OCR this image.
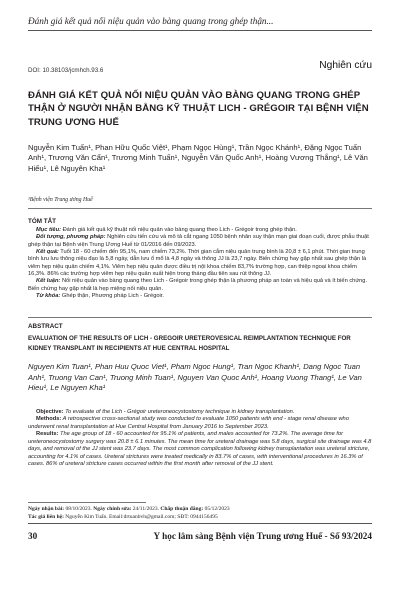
Đánh giá kết quả nối niệu quản vào bàng quang trong ghép thận...
DOI: 10.38103/jcmhch.93.6	Nghiên cứu
ĐÁNH GIÁ KẾT QUẢ NỐI NIỆU QUẢN VÀO BÀNG QUANG TRONG GHÉP THẬN Ở NGƯỜI NHẬN BẰNG KỸ THUẬT LICH - GRÉGOIR TẠI BỆNH VIỆN TRUNG ƯƠNG HUẾ

Nguyễn Kim Tuấn¹, Phan Hữu Quốc Việt¹, Phạm Ngọc Hùng¹, Trần Ngọc Khánh¹, Đặng Ngọc Tuấn Anh¹, Trương Văn Cẩn¹, Trương Minh Tuấn¹, Nguyễn Văn Quốc Anh¹, Hoàng Vương Thắng¹, Lê Văn Hiếu¹, Lê Nguyên Kha¹

¹Bệnh viện Trung ương Huế
TÓM TẮT

Mục tiêu: Đánh giá kết quả kỹ thuật nối niệu quản vào bàng quang theo Lich - Grégoir trong ghép thận.

Đối tượng, phương pháp: Nghiên cứu tiến cứu và mô tả cắt ngang 1050 bệnh nhân suy thận mạn giai đoạn cuối, được phẫu thuật ghép thận tại Bệnh viện Trung Ương Huế từ 01/2016 đến 09/2023.

Kết quả: Tuổi 18 - 60 chiếm đến 95,1%, nam chiếm 73,2%. Thời gian cắm niệu quản trung bình là 20,8 ± 6,1 phút. Thời gian trung bình lưu lưu thông niệu đạo là 5,8 ngày, dẫn lưu ổ mổ là 4,8 ngày và thông JJ là 23,7 ngày. Biến chứng hay gặp nhất sau ghép thận là viêm hẹp niệu quản chiếm 4,1%. Viêm hẹp niệu quản được điều trị nội khoa chiếm 83,7% trường hợp, can thiệp ngoại khoa chiếm 16,3%. 86% các trường hợp viêm hẹp niệu quản xuất hiện trong tháng đầu tiên sau rút thông JJ.

Kết luận: Nối niệu quản vào bàng quang theo Lich - Grégoir trong ghép thận là phương pháp an toàn và hiệu quả và ít biến chứng. Biến chứng hay gặp nhất là hẹp miệng nối niệu quản.

Từ khóa: Ghép thận, Phương pháp Lich - Grégoir.

ABSTRACT

EVALUATION OF THE RESULTS OF LICH - GREGOIR URETEROVESICAL REIMPLANTATION TECHNIQUE FOR KIDNEY TRANSPLANT IN RECIPIENTS AT HUE CENTRAL HOSPITAL

Nguyen Kim Tuan¹, Phan Huu Quoc Viet¹, Pham Ngoc Hung¹, Tran Ngoc Khanh¹, Dang Ngoc Tuan Anh¹, Truong Van Can¹, Truong Minh Tuan¹, Nguyen Van Quoc Anh¹, Hoang Vuong Thang¹, Le Van Hieu¹, Le Nguyen Kha¹

Objective: To evaluate of the Lich - Grégoir ureteroneocystostomy technique in kidney transplantation.

Methods: A retrospective cross-sectional study was conducted to evaluate 1050 patients with end - stage renal disease who underwent renal transplantation at Hue Central Hospital from January 2016 to September 2023.

Results: The age group of 18 - 60 accounted for 95.1% of patients, and males accounted for 73.2%. The average time for ureteroneocystostomy surgery was 20.8 ± 6.1 minutes. The mean time for ureteral drainage was 5.8 days, surgical site drainage was 4.8 days, and removal of the JJ stent was 23.7 days. The most common complication following kidney transplantation was ureteral stricture, accounting for 4.1% of cases. Ureteral strictures were treated medically in 83.7% of cases, with interventional procedures in 16.3% of cases. 86% of ureteral stricture cases occurred within the first month after removal of the JJ stent.

Ngày nhận bài: 08/10/2023. Ngày chỉnh sửa: 24/11/2023. Chấp thuận đăng: 05/12/2023

Tác giả liên hệ: Nguyễn Kim Tuấn. Email:drtuanbvh@gmail.com; SĐT: 0944156495

30	Y học lâm sàng Bệnh viện Trung ương Huế - Số 93/2024
